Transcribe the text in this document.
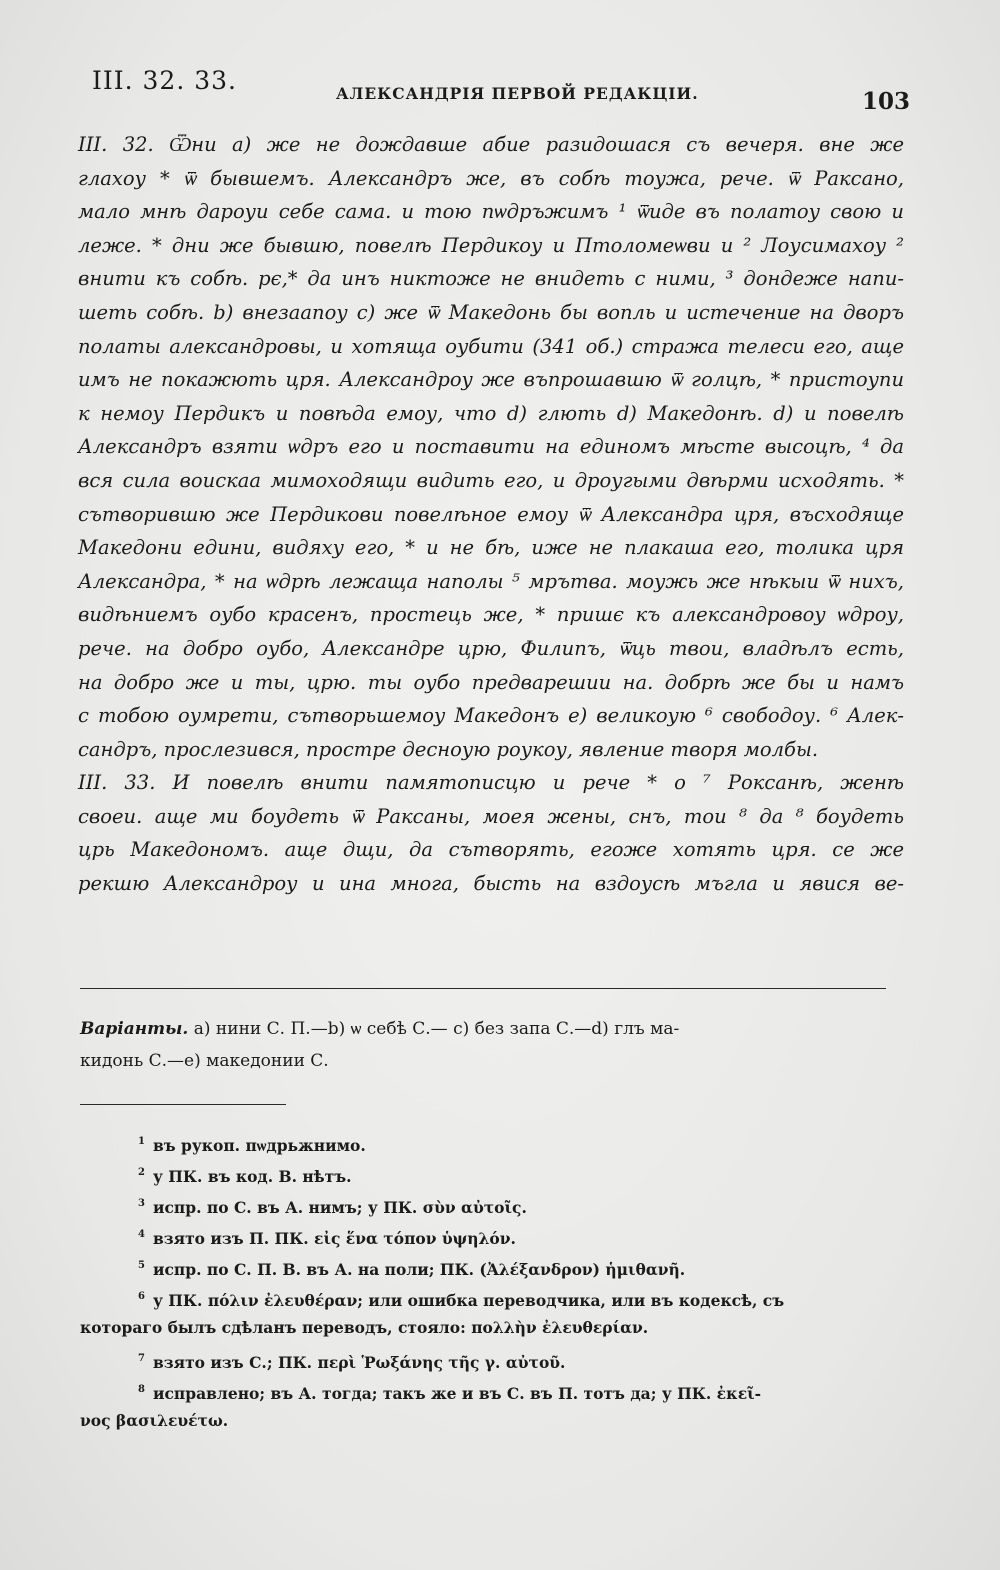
III. 32. 33.	АЛЕКСАНДРІЯ ПЕРВОЙ РЕДАКЦІИ.	103
III. 32. Ѿни а) же не дождавше абие разидошася съ вечеря. вне же
глахоу * ѿ бывшемъ. Александръ же, въ собѣ тоужа, рече. ѿ Раксано,
мало мнѣ дароуи себе сама. и тою пѡдръжимъ ¹ ѿиде въ полатоу свою и
леже. * дни же бывшю, повелѣ Пердикоу и Птоломеѡви и ² Лоусимахоу ²
внити къ собѣ. рє,* да инъ никтоже не внидеть с ними, ³ дондеже напи-
шеть собѣ. b) внезаапоу c) же ѿ Македонь бы вопль и истечение на дворъ
полаты александровы, и хотяща оубити (341 об.) стража телеси его, аще
имъ не покажють цря. Александроу же въпрошавшю ѿ голцѣ, * пристоупи
к немоу Пердикъ и повѣда емоу, что d) глють d) Македонѣ. d) и повелѣ
Александръ взяти ѡдръ его и поставити на единомъ мѣсте высоцѣ, ⁴ да
вся сила воискаа мимоходящи видить его, и дроугыми двѣрми исходять. *
сътворившю же Пердикови повелѣное емоу ѿ Александра цря, въсходяще
Македони едини, видяху его, * и не бѣ, иже не плакаша его, толика цря
Александра, * на ѡдрѣ лежаща наполы ⁵ мрътва. моужь же нѣкыи ѿ нихъ,
видѣниемъ оубо красенъ, простець же, * пришє къ александровоу ѡдроу,
рече. на добро оубо, Александре црю, Филипъ, ѿць твои, владѣлъ есть,
на добро же и ты, црю. ты оубо предварешии на. добрѣ же бы и намъ
с тобою оумрети, сътворьшемоу Македонъ e) великоую ⁶ свободоу. ⁶ Алек-
сандръ, прослезився, простре десноую роукоу, явление творя молбы.
III. 33. И повелѣ внити памятописцю и рече * о ⁷ Роксанѣ, женѣ
своеи. аще ми боудеть ѿ Раксаны, моея жены, снъ, тои ⁸ да ⁸ боудеть
црь Македономъ. аще дщи, да сътворять, егоже хотять цря. се же
рекшю Александроу и ина многа, бысть на вздоусѣ мъгла и явися ве-
Варіанты. a) нини С. П.—b) ѡ себѣ С.— c) без запа С.—d) глъ ма-
кидонь С.—e) македонии С.
$^1$ въ рукоп. пѡдрьжнимо.
$^2$ у ПК. въ код. В. нѣтъ.
$^3$ испр. по С. въ А. нимъ; у ПК. σὺν αὐτοῖς.
$^4$ взято изъ П. ПК. εἰς ἕνα τόπον ὑψηλόν.
$^5$ испр. по С. П. В. въ А. на поли; ПК. (Ἀλέξανδρον) ἡμιθανῆ.
$^6$ у ПК. πόλιν ἐλευθέραν; или ошибка переводчика, или въ кодексѣ, съ
котораго былъ сдѣланъ переводъ, стояло: πολλὴν ἐλευθερίαν.
$^7$ взято изъ С.; ПК. περὶ Ῥωξάνης τῆς γ. αὐτοῦ.
$^8$ исправлено; въ А. тогда; такъ же и въ С. въ П. тотъ да; у ПК. ἐκεῖ-
νος βασιλευέτω.
